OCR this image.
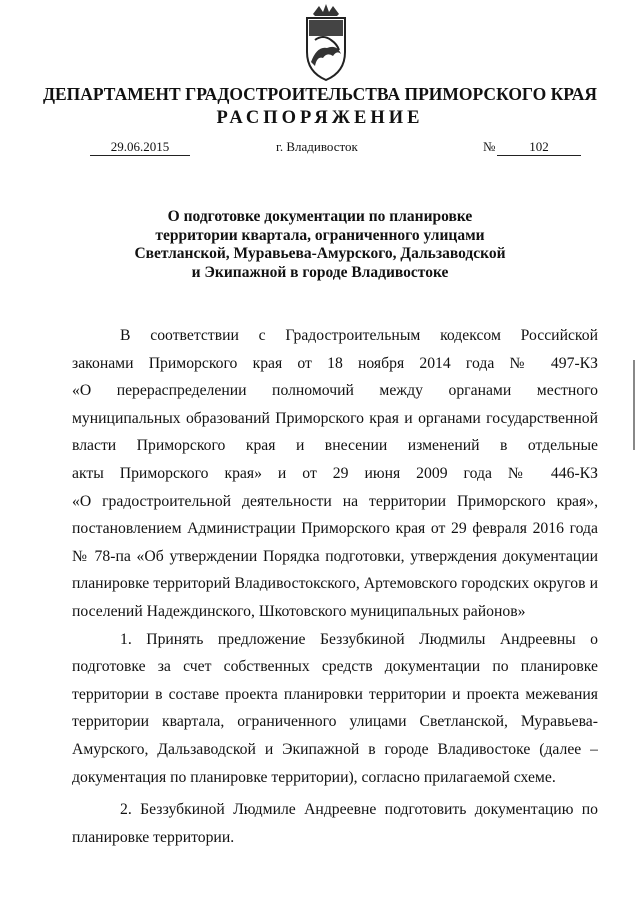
ДЕПАРТАМЕНТ ГРАДОСТРОИТЕЛЬСТВА ПРИМОРСКОГО КРАЯ
РАСПОРЯЖЕНИЕ
29.06.2015	г. Владивосток	№	102
О подготовке документации по планировке
территории квартала, ограниченного улицами
Светланской, Муравьева-Амурского, Дальзаводской
и Экипажной в городе Владивостоке
В соответствии с Градостроительным кодексом Российской
законами Приморского края от 18 ноября 2014 года № 497-КЗ
«О перераспределении полномочий между органами местного
муниципальных образований Приморского края и органами государственной
власти Приморского края и внесении изменений в отдельные
акты Приморского края» и от 29 июня 2009 года № 446-КЗ
«О градостроительной деятельности на территории Приморского края»,
постановлением Администрации Приморского края от 29 февраля 2016 года
№ 78-па «Об утверждении Порядка подготовки, утверждения документации
планировке территорий Владивостокского, Артемовского городских округов и
поселений Надеждинского, Шкотовского муниципальных районов»
1. Принять предложение Беззубкиной Людмилы Андреевны о
подготовке за счет собственных средств документации по планировке
территории в составе проекта планировки территории и проекта межевания
территории квартала, ограниченного улицами Светланской, Муравьева-
Амурского, Дальзаводской и Экипажной в городе Владивостоке (далее –
документация по планировке территории), согласно прилагаемой схеме.
2. Беззубкиной Людмиле Андреевне подготовить документацию по
планировке территории.
